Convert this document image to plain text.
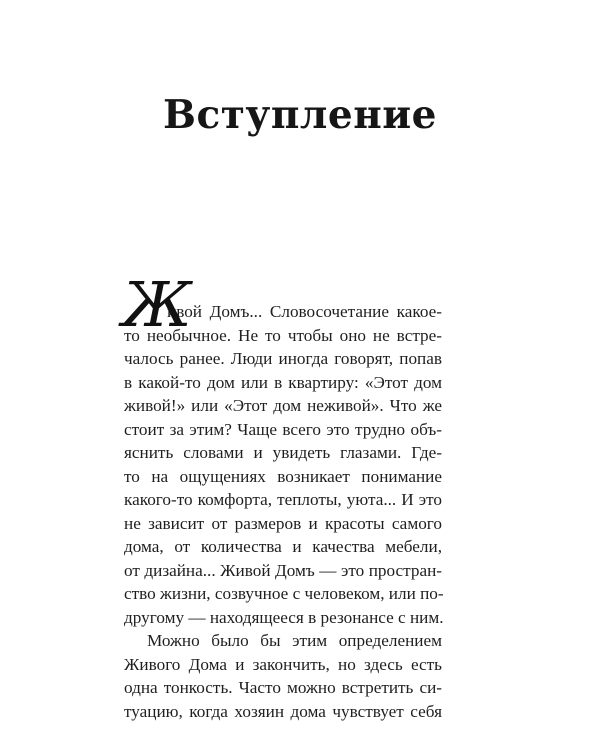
Вступление
Ж
ивой Домъ... Словосочетание какое-
то необычное. Не то чтобы оно не встре-
чалось ранее. Люди иногда говорят, попав
в какой-то дом или в квартиру: «Этот дом
живой!» или «Этот дом неживой». Что же
стоит за этим? Чаще всего это трудно объ-
яснить словами и увидеть глазами. Где-
то на ощущениях возникает понимание
какого-то комфорта, теплоты, уюта... И это
не зависит от размеров и красоты самого
дома, от количества и качества мебели,
от дизайна... Живой Домъ — это простран-
ство жизни, созвучное с человеком, или по-
другому — находящееся в резонансе с ним.
Можно было бы этим определением
Живого Дома и закончить, но здесь есть
одна тонкость. Часто можно встретить си-
туацию, когда хозяин дома чувствует себя
